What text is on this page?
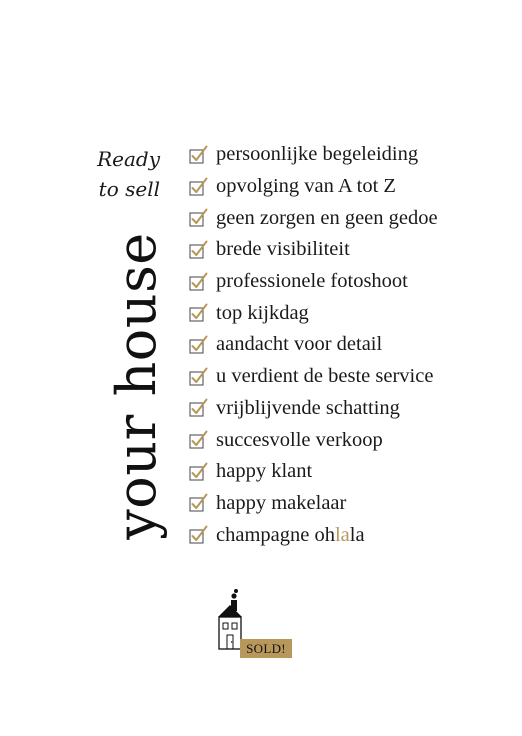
Ready
to sell
your house
persoonlijke begeleiding
opvolging van A tot Z
geen zorgen en geen gedoe
brede visibiliteit
professionele fotoshoot
top kijkdag
aandacht voor detail
u verdient de beste service
vrijblijvende schatting
succesvolle verkoop
happy klant
happy makelaar
champagne ohlala
SOLD!
